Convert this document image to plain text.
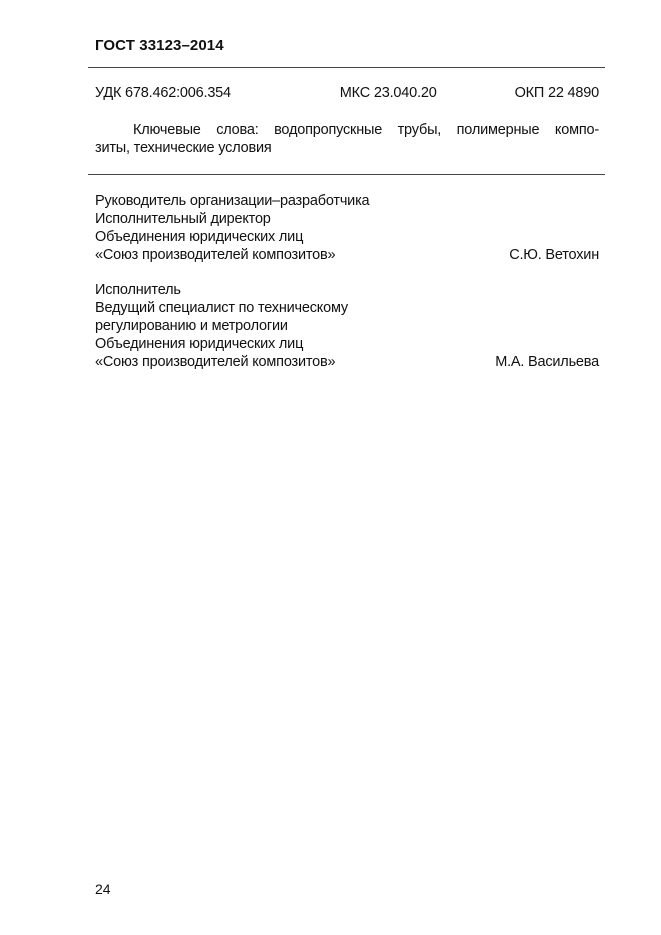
ГОСТ 33123–2014
УДК 678.462:006.354	МКС 23.040.20	ОКП 22 4890
Ключевые слова: водопропускные трубы, полимерные компо-
зиты, технические условия
Руководитель организации–разработчика
Исполнительный директор
Объединения юридических лиц
«Союз производителей композитов»	С.Ю. Ветохин
Исполнитель
Ведущий специалист по техническому
регулированию и метрологии
Объединения юридических лиц
«Союз производителей композитов»	М.А. Васильева
24
